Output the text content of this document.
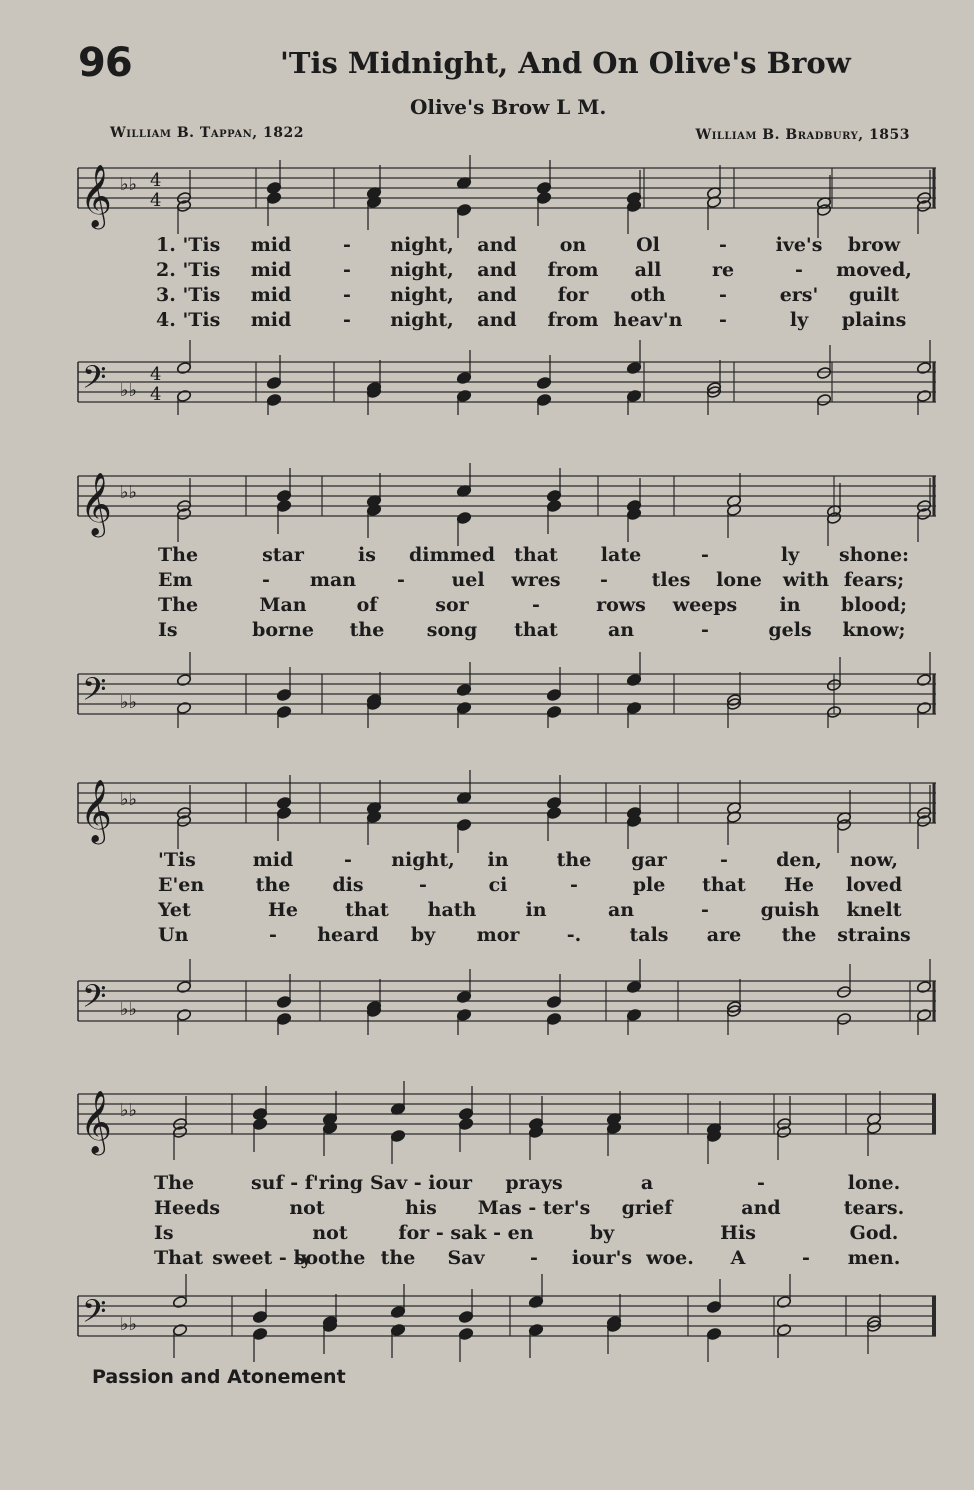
96	'Tis Midnight, And On Olive's Brow
Olive's Brow L M.
William B. Tappan, 1822	William B. Bradbury, 1853
𝄞
𝄢
♭♭
♭♭
4
4
4
4
1. 'Tis mid	- night, and on	Ol	-	ive's brow
2. 'Tis mid	- night, and from all	re	- moved,
3. 'Tis mid	- night, and for oth	-	ers' guilt
4. 'Tis mid	- night, and from heav'n -	ly plains
𝄞
𝄢
♭♭
♭♭
The	star	is dimmed that late	-	ly shone:
Em	- man - uel wres - tles lone with fears;
The	Man	of	sor	-	rows weeps in blood;
Is	borne the song that	an	-	gels know;
𝄞
𝄢
♭♭
♭♭
'Tis	mid	- night, in	the gar	-	den, now,
E'en	the dis	-	ci	-	ple that He loved
Yet	He that hath	in	an	-	guish knelt
Un	- heard by mor -.	tals are the strains
𝄞
𝄢
♭♭
♭♭
The	suf - f'ring Sav - iour prays	a	-	lone.
Heeds	not	his Mas - ter's grief	and	tears.
Is	not	for - sak - en	by	His	God.
That sweet - ly
soothe the Sav - iour's woe. A	- men.
Passion and Atonement
